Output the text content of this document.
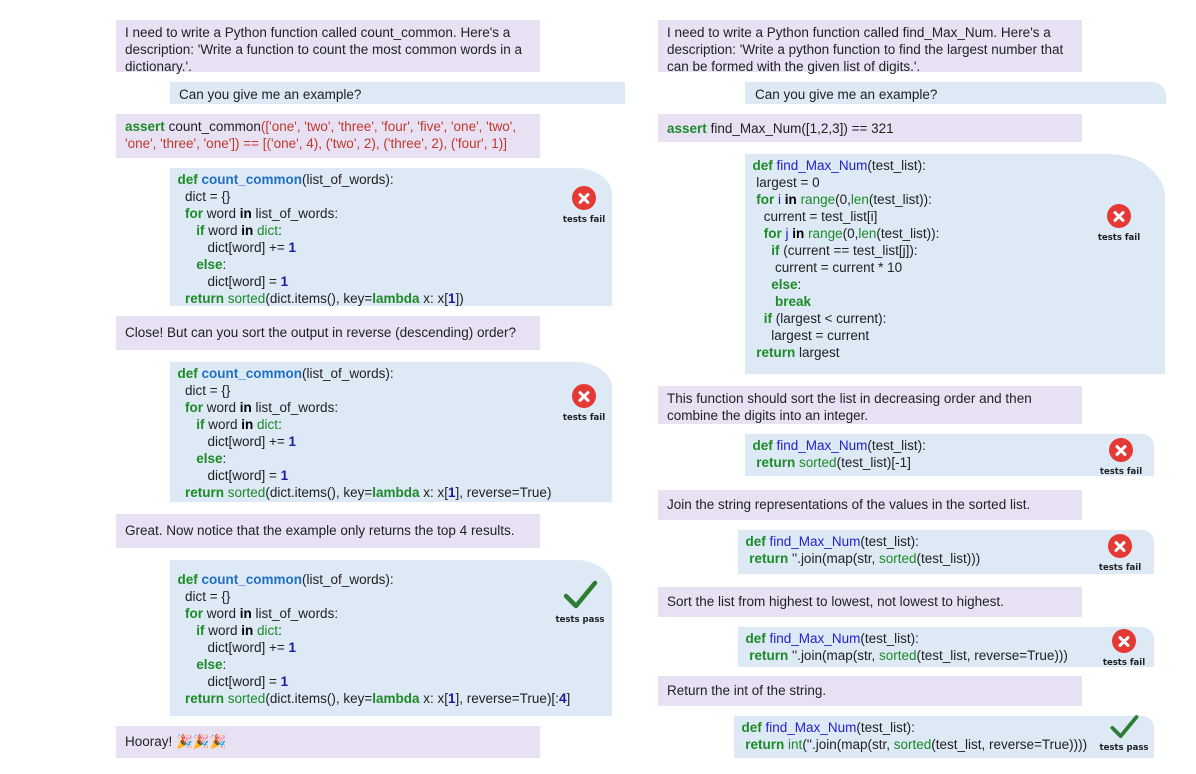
I need to write a Python function called count_common. Here's a description: 'Write a function to count the most common words in a dictionary.'.
Can you give me an example?
assert count_common(['one', 'two', 'three', 'four', 'five', 'one', 'two', 'one', 'three', 'one']) == [('one', 4), ('two', 2), ('three', 2), ('four', 1)]
def count_common(list_of_words):
dict = {}
for word in list_of_words:
if word in dict:
dict[word] += 1
else:
dict[word] = 1
return sorted(dict.items(), key=lambda x: x[1])
tests fail
Close! But can you sort the output in reverse (descending) order?
def count_common(list_of_words):
dict = {}
for word in list_of_words:
if word in dict:
dict[word] += 1
else:
dict[word] = 1
return sorted(dict.items(), key=lambda x: x[1], reverse=True)
tests fail
Great. Now notice that the example only returns the top 4 results.
def count_common(list_of_words):
dict = {}
for word in list_of_words:
if word in dict:
dict[word] += 1
else:
dict[word] = 1
return sorted(dict.items(), key=lambda x: x[1], reverse=True)[:4]
tests pass
Hooray! 🎉🎉🎉
I need to write a Python function called find_Max_Num. Here's a description: 'Write a python function to find the largest number that can be formed with the given list of digits.'.
Can you give me an example?
assert find_Max_Num([1,2,3]) == 321
def find_Max_Num(test_list):
largest = 0
for i in range(0,len(test_list)):
current = test_list[i]
for j in range(0,len(test_list)):
if (current == test_list[j]):
current = current * 10
else:
break
if (largest < current):
largest = current
return largest
tests fail
This function should sort the list in decreasing order and then combine the digits into an integer.
def find_Max_Num(test_list):
return sorted(test_list)[-1]
tests fail
Join the string representations of the values in the sorted list.
def find_Max_Num(test_list):
return ''.join(map(str, sorted(test_list)))
tests fail
Sort the list from highest to lowest, not lowest to highest.
def find_Max_Num(test_list):
return ''.join(map(str, sorted(test_list, reverse=True)))	tests fail
Return the int of the string.
def find_Max_Num(test_list):
return int(''.join(map(str, sorted(test_list, reverse=True))))	tests pass
